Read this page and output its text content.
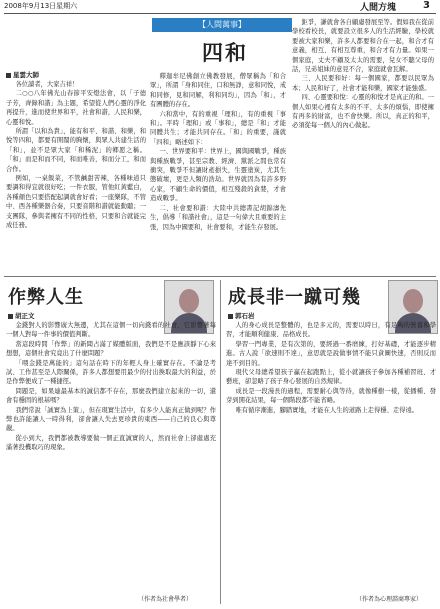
2008年9月13日星期六	人間方塊	3
【人間萬事】
四和
星雲大師

各位讀者，大家吉祥！

二○○八年佛光山春節平安燈法會，以「子德子芳，齊錄和諧」為主題，希望從人們心靈的淨化再提升，進而使世界和平，社會和諧，人民和樂，心靈和悅。

所謂「以和為貴」，能有和平、和諧、和樂，和悅等四和，都要有開闊的胸懷，與眾人共建生活的「和」，並不是眾大家「和稀泥」的鄉愿之稱。「和」而是和而不同，和而唯善，和而分工，和而合作。

例如，一桌飯菜，不管鹹甜苦辣，各種味道只要調和得宜就很好吃；一件衣服，管他紅黃藍白，各種顏色只要搭配起調就會好看；一座樂隊，不管中、西各種樂器合奏，只要音階和諧就能動聽；一支團隊，參與者擁有不同的性格，只要和合就能完成任務。

釋迦牟尼佛創立佛教發展，僧眾稱為「和合眾」，所謂「身和同住，口和無諍，意和同悅，戒和同修，見和同解，利和同均」，因為「和」，才有團體的存在。

六和當中，有的重視「理和」，有的重視「事和」。平時「理和」或「事和」，總是「和」才能同體共生；才能共同存在。「和」的重要，謹就「四和」略述如下：

一、世界要和平：世界上，國與國戰爭，種族與種族戰爭，甚至宗教、經濟、黨派之間也常有衝突，戰爭不但讓財產損失，生靈塗炭，尤其生態破壞，更是人類的浩劫。世界就因為有許多野心家，不顧生命的價值，相互殘殺的貪婪，才會造成戰爭。

二、社會要和諧：大陸中共總書記胡錦濤先生，倡導「和諧社會」，這是一句偉大且重要的主張，因為中國要和，社會要和，才能生存發展。

鉅爭，謙就會各自顧慮發展至等。假如我在從前學校看校長，就要設立很多人的生活經驗，學校就要被大家和樂，許多人都要和合在一起，和合才有意義，相互、有相互尊重，和合才有力量。如果一個家庭，丈夫不顧及太太的需要，兒女不聽父母的話，兄弟姐妹的意見不合，家庭就會瓦解。

三、人民要和好：每一個國家，都要以民眾為本；人民和好了，社會才能和樂，國家才能強盛。

四、心靈要和悅：心靈的和悅才是真正的和。一個人如果心裡有太多的不平、太多的煩惱，即使擁有再多的財富，也不會快樂。所以，真正的和平，必須從每一個人的內心做起。

作弊人生
胡正文

金錢對人的影響廣大無邊，尤其在這個一切向錢看的社會，它影響著每一個人對每一件事的價值判斷。

當這段時間「作弊」的新聞占滿了媒體版面，我們是不是應該靜下心來想想，這個社會究竟出了什麼問題？

「喂金錢是萬能的」這句話在時下的年輕人身上確實存在。不論是考試、工作甚至是人際關係，許多人都想要用最少的付出換取最大的利益，於是作弊便成了一種捷徑。

問題是，如果連最基本的誠信都不存在，那麼我們建立起來的一切，還會有穩固的根基嗎？

我們常說「誠實為上策」，但在現實生活中，有多少人能真正做到呢？作弊也許能讓人一時得利，卻會讓人失去更珍貴的東西——自己的良心與尊嚴。

從小到大，我們都被教導要做一個正直誠實的人，然而社會上卻處處充滿著投機取巧的現象。

（作者為社會學者）
成長非一蹴可幾
郭石岩

人的身心成長是整體的，也是多元的，需要以時日，有足夠的營養和學習，才能順利健康、品格成長。

學習一門專業，是有次第的，要經過一番磨練，打好基礎，才能逐步精進。古人說「欲速則不達」，意思就是說做事情不能只貪圖快速，否則反而達不到目的。

現代父母總希望孩子贏在起跑點上，從小就讓孩子參加各種補習班、才藝班，卻忽略了孩子身心發展的自然規律。

成長是一段漫長的過程，需要耐心與等待，就像種樹一樣，從播種、發芽到開花結果，每一個階段都不能省略。

唯有循序漸進，腳踏實地，才能在人生的道路上走得穩、走得遠。

（作者為心理諮商專家）
